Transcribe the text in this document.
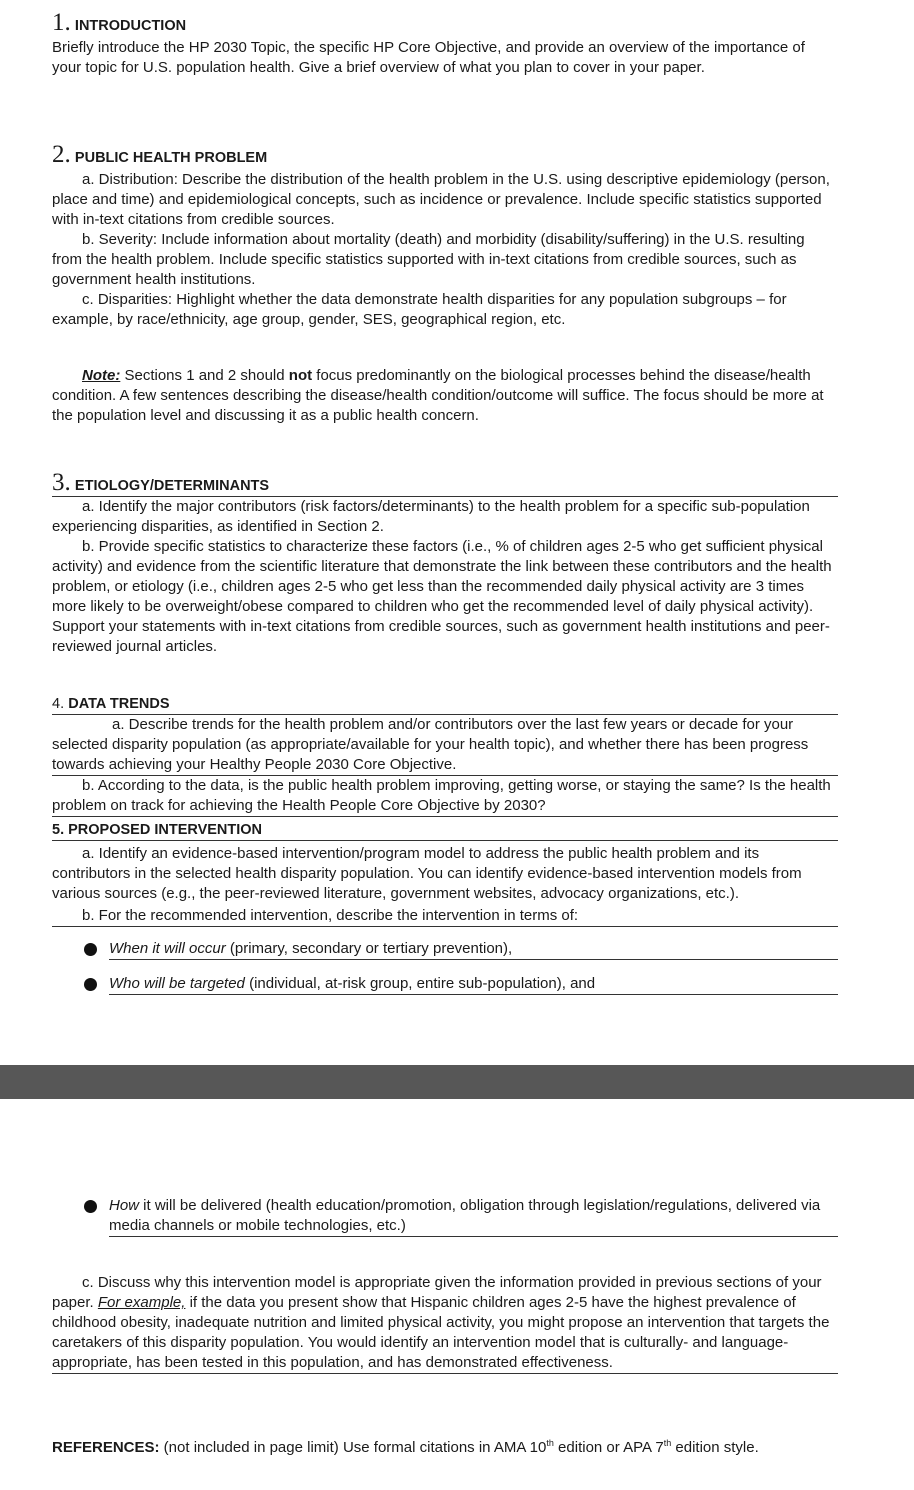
1. INTRODUCTION

Briefly introduce the HP 2030 Topic, the specific HP Core Objective, and provide an overview of the importance of your topic for U.S. population health. Give a brief overview of what you plan to cover in your paper.

2. PUBLIC HEALTH PROBLEM

a. Distribution: Describe the distribution of the health problem in the U.S. using descriptive epidemiology (person, place and time) and epidemiological concepts, such as incidence or prevalence. Include specific statistics supported with in-text citations from credible sources.

b. Severity: Include information about mortality (death) and morbidity (disability/suffering) in the U.S. resulting from the health problem. Include specific statistics supported with in-text citations from credible sources, such as government health institutions.

c. Disparities: Highlight whether the data demonstrate health disparities for any population subgroups – for example, by race/ethnicity, age group, gender, SES, geographical region, etc.

Note: Sections 1 and 2 should not focus predominantly on the biological processes behind the disease/health condition. A few sentences describing the disease/health condition/outcome will suffice. The focus should be more at the population level and discussing it as a public health concern.

3. ETIOLOGY/DETERMINANTS

a. Identify the major contributors (risk factors/determinants) to the health problem for a specific sub-population experiencing disparities, as identified in Section 2.

b. Provide specific statistics to characterize these factors (i.e., % of children ages 2-5 who get sufficient physical activity) and evidence from the scientific literature that demonstrate the link between these contributors and the health problem, or etiology (i.e., children ages 2-5 who get less than the recommended daily physical activity are 3 times more likely to be overweight/obese compared to children who get the recommended level of daily physical activity). Support your statements with in-text citations from credible sources, such as government health institutions and peer-reviewed journal articles.

4. DATA TRENDS

a. Describe trends for the health problem and/or contributors over the last few years or decade for your selected disparity population (as appropriate/available for your health topic), and whether there has been progress towards achieving your Healthy People 2030 Core Objective.

b. According to the data, is the public health problem improving, getting worse, or staying the same? Is the health problem on track for achieving the Health People Core Objective by 2030?

5. PROPOSED INTERVENTION

a. Identify an evidence-based intervention/program model to address the public health problem and its contributors in the selected health disparity population. You can identify evidence-based intervention models from various sources (e.g., the peer-reviewed literature, government websites, advocacy organizations, etc.).

b. For the recommended intervention, describe the intervention in terms of:

When it will occur (primary, secondary or tertiary prevention),

Who will be targeted (individual, at-risk group, entire sub-population), and

How it will be delivered (health education/promotion, obligation through legislation/regulations, delivered via media channels or mobile technologies, etc.)

c. Discuss why this intervention model is appropriate given the information provided in previous sections of your paper. For example, if the data you present show that Hispanic children ages 2-5 have the highest prevalence of childhood obesity, inadequate nutrition and limited physical activity, you might propose an intervention that targets the caretakers of this disparity population. You would identify an intervention model that is culturally- and language-appropriate, has been tested in this population, and has demonstrated effectiveness.

REFERENCES: (not included in page limit) Use formal citations in AMA 10th edition or APA 7th edition style.
